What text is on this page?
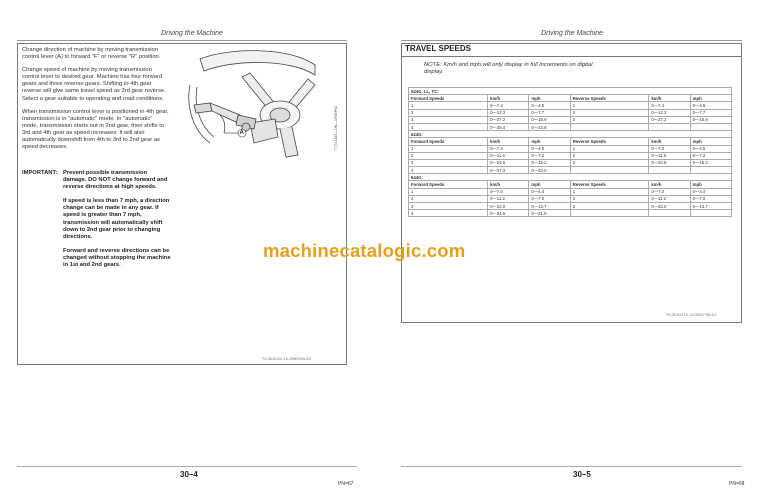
Driving the Machine

Change direction of machine by moving transmission control lever (A) to forward "F" or reverse "R" position.

Change speed of machine by moving transmission control lever to desired gear. Machine has four forward gears and three reverse gears. Shifting to 4th gear reverse will give same travel speed as 3rd gear reverse. Select a gear suitable to operating and road conditions.

When transmission control lever is positioned in 4th gear, transmission is in "automatic" mode. In "automatic" mode, transmission starts out in 2nd gear, then shifts to 3rd and 4th gear as speed increases. It will also automatically downshift from 4th to 3rd to 2nd gear as speed decreases.

IMPORTANT: Prevent possible transmission damage. DO NOT change forward and reverse directions at high speeds.

If speed is less than 7 mph, a direction change can be made in any gear. If speed is greater than 7 mph, transmission will automatically shift down to 2nd gear prior to changing directions.

Forward and reverse directions can be changed without stopping the machine in 1st and 2nd gears.

A	T7741AM —UN—19SEP92
TX,35,DX44 -19-19NOV94-2/3
30–4
PN=67
Driving the Machine
TRAVEL SPEEDS
NOTE: Km/h and mph will only display in full increments on digital display.
544G, LL, TC:					
Forward Speeds	km/h	mph	Reverse Speeds	km/h	mph
1	0—7.4	0—4.6	1	0—7.4	0—4.6
2	0—12.3	0—7.7	2	0—12.3	0—7.7
3	0—27.2	0—16.9	3	0—27.2	0—16.9
4	0—38.4	0—23.8			
624G:					
Forward Speeds	km/h	mph	Reverse Speeds	km/h	mph
1	0—7.3	0—4.5	1	0—7.3	0—4.5
2	0—11.6	0—7.2	2	0—11.6	0—7.2
3	0—24.5	0—15.2	3	0—24.5	0—15.2
4	0—37.3	0—23.0			
644G:					
Forward Speeds	km/h	mph	Reverse Speeds	km/h	mph
1	0—7.0	0—4.4	1	0—7.0	0—4.4
2	0—11.2	0—7.0	2	0—11.2	0—7.0
3	0—22.0	0—13.7	3	0—22.0	0—13.7
4	0—34.6	0—21.5			
TX,35,DX173 -19-30OCT96-1/1
30–5
PN=68
machinecatalogic.com
